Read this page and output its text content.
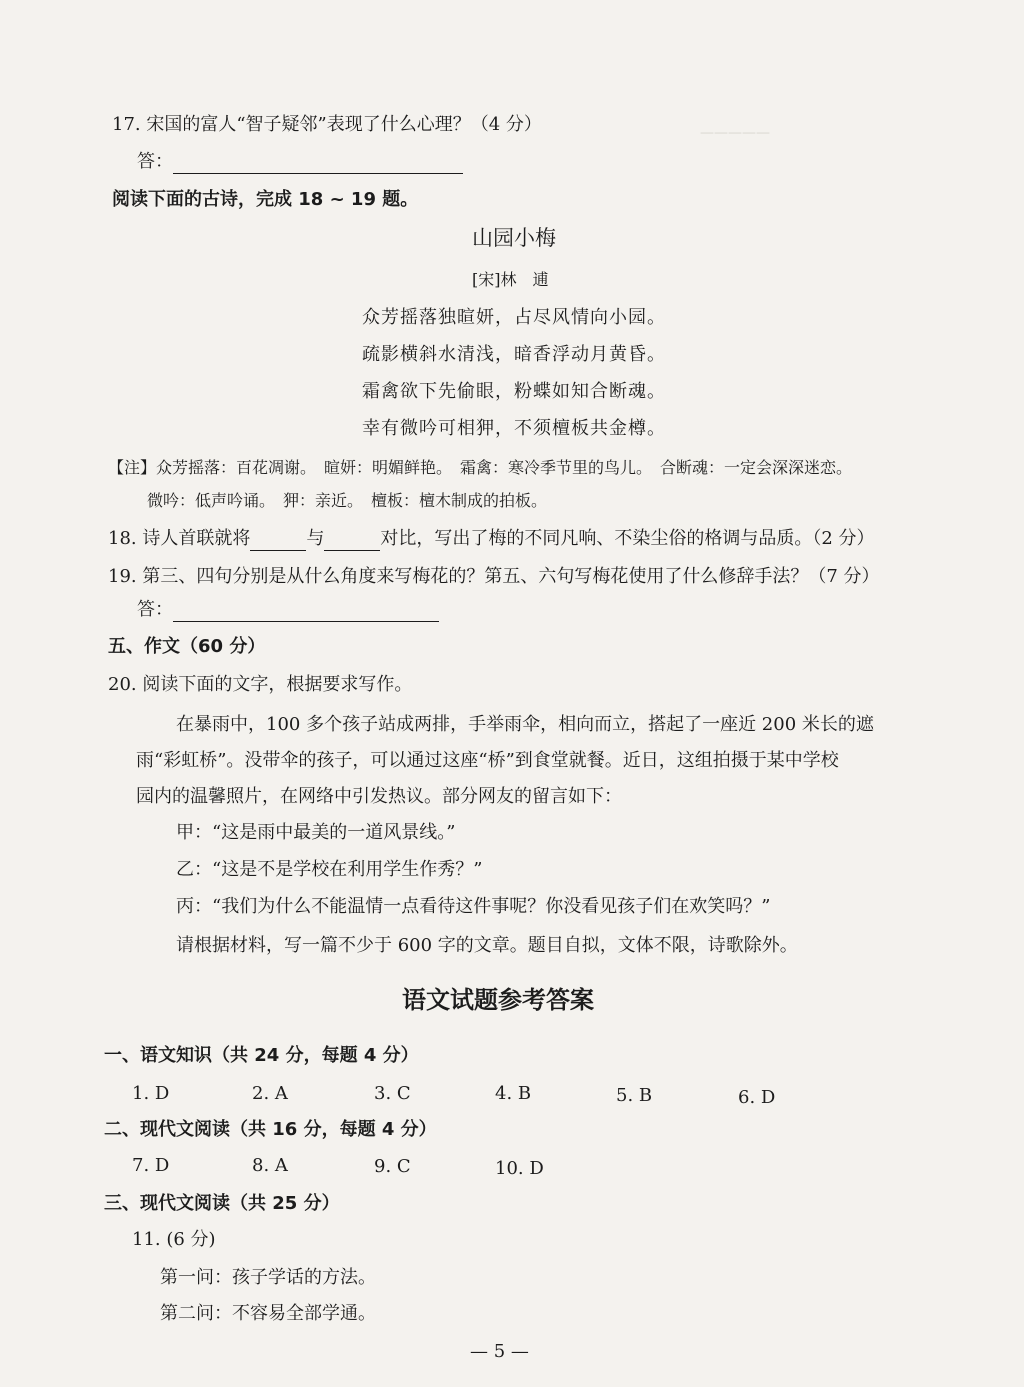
—————
17. 宋国的富人“智子疑邻”表现了什么心理？（4 分）
答：
阅读下面的古诗，完成 18 ~ 19 题。
山园小梅
[宋]林　逋
众芳摇落独暄妍，占尽风情向小园。
疏影横斜水清浅，暗香浮动月黄昏。
霜禽欲下先偷眼，粉蝶如知合断魂。
幸有微吟可相狎，不须檀板共金樽。
【注】众芳摇落：百花凋谢。　暄妍：明媚鲜艳。　霜禽：寒冷季节里的鸟儿。　合断魂：一定会深深迷恋。
微吟：低声吟诵。　狎：亲近。　檀板：檀木制成的拍板。
18. 诗人首联就将	与	对比，写出了梅的不同凡响、不染尘俗的格调与品质。（2 分）
19. 第三、四句分别是从什么角度来写梅花的？第五、六句写梅花使用了什么修辞手法？（7 分）
答：
五、作文（60 分）
20. 阅读下面的文字，根据要求写作。
在暴雨中，100 多个孩子站成两排，手举雨伞，相向而立，搭起了一座近 200 米长的遮
雨“彩虹桥”。没带伞的孩子，可以通过这座“桥”到食堂就餐。近日，这组拍摄于某中学校
园内的温馨照片，在网络中引发热议。部分网友的留言如下：
甲：“这是雨中最美的一道风景线。”
乙：“这是不是学校在利用学生作秀？”
丙：“我们为什么不能温情一点看待这件事呢？你没看见孩子们在欢笑吗？”
请根据材料，写一篇不少于 600 字的文章。题目自拟，文体不限，诗歌除外。
语文试题参考答案
一、语文知识（共 24 分，每题 4 分）
1. D	2. A	3. C	4. B	5. B	6. D
二、现代文阅读（共 16 分，每题 4 分）
7. D	8. A	9. C	10. D
三、现代文阅读（共 25 分）
11. (6 分)
第一问：孩子学话的方法。
第二问：不容易全部学通。
— 5 —
